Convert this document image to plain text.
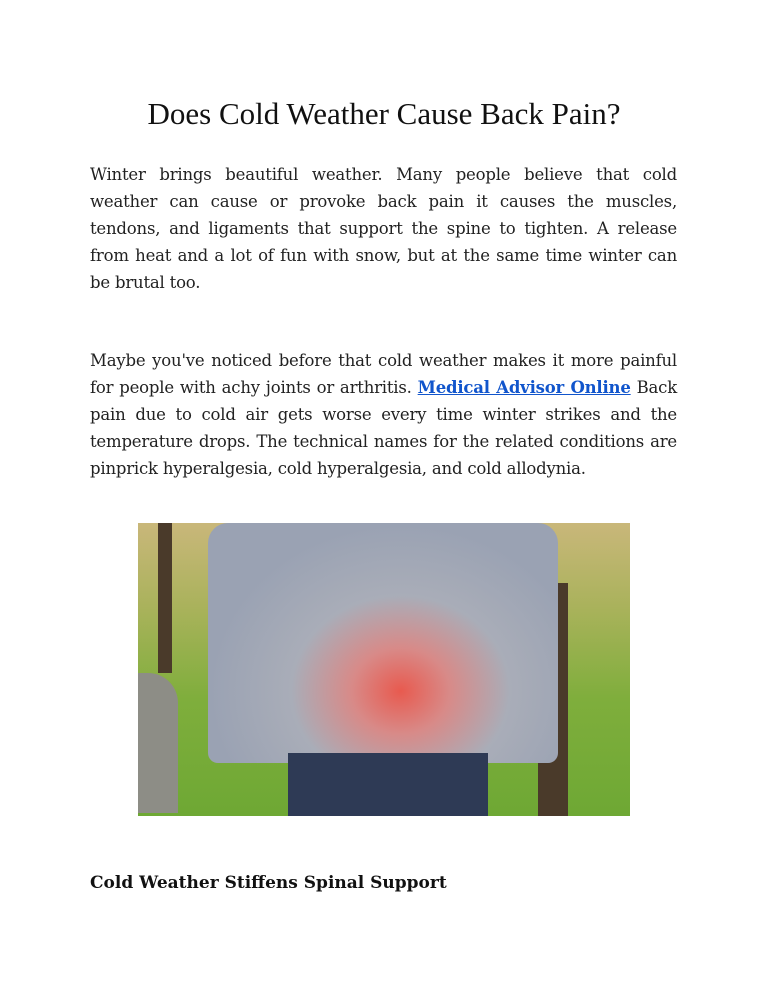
Does Cold Weather Cause Back Pain?

Winter brings beautiful weather. Many people believe that cold weather can cause or provoke back pain it causes the muscles, tendons, and ligaments that support the spine to tighten. A release from heat and a lot of fun with snow, but at the same time winter can be brutal too.

Maybe you've noticed before that cold weather makes it more painful for people with achy joints or arthritis. Medical Advisor Online Back pain due to cold air gets worse every time winter strikes and the temperature drops. The technical names for the related conditions are pinprick hyperalgesia, cold hyperalgesia, and cold allodynia.

Cold Weather Stiffens Spinal Support
